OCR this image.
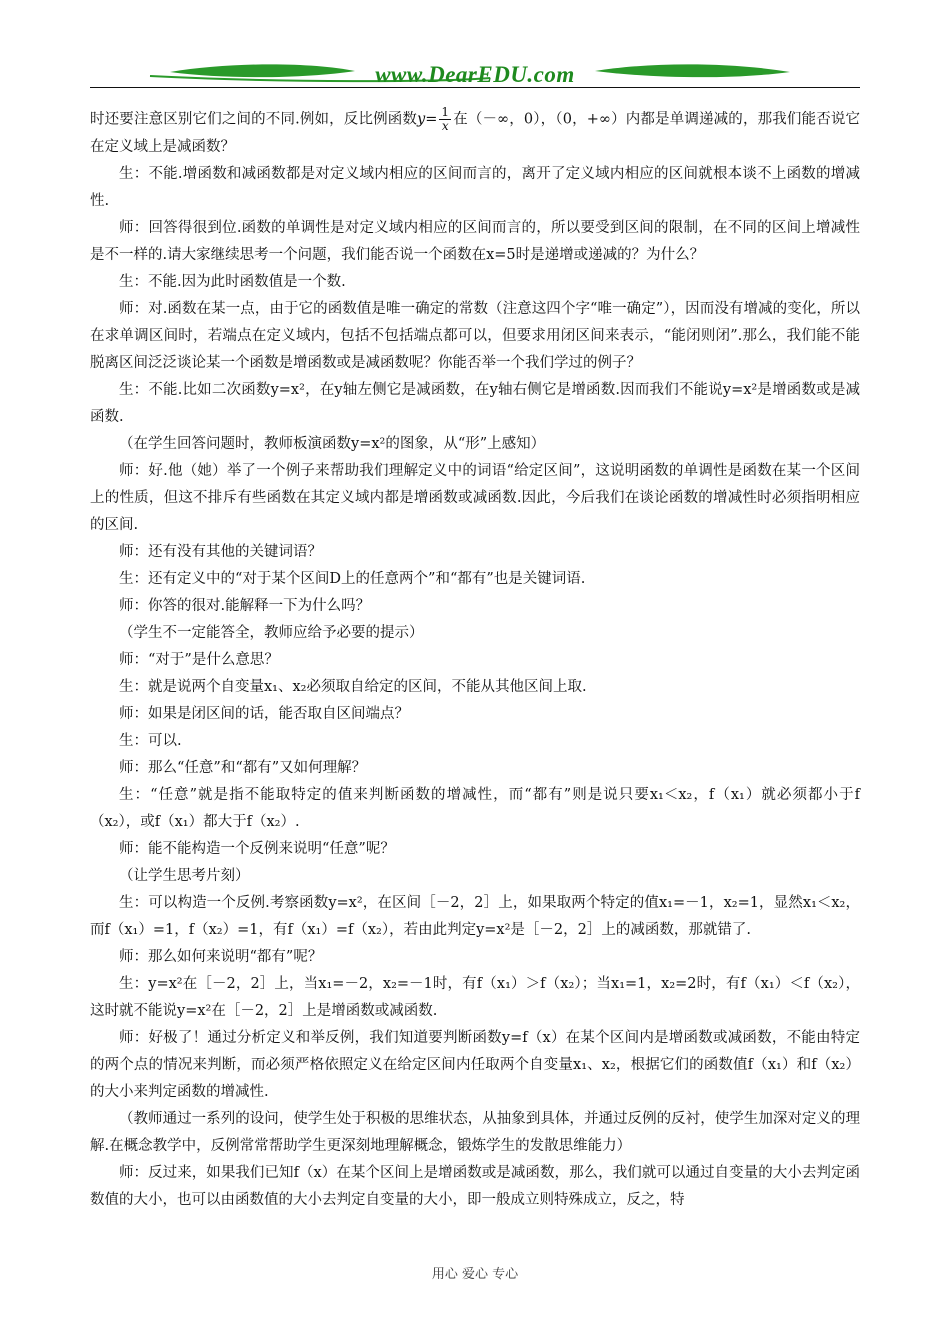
www.DearEDU.com

时还要注意区别它们之间的不同.例如，反比例函数$y= \frac{1}{x}$ 在（－∞，0），（0，+∞）内都是单调递减的，那我们能否说它在定义域上是减函数？

生：不能.增函数和减函数都是对定义域内相应的区间而言的，离开了定义域内相应的区间就根本谈不上函数的增减性.

师：回答得很到位.函数的单调性是对定义域内相应的区间而言的，所以要受到区间的限制，在不同的区间上增减性是不一样的.请大家继续思考一个问题，我们能否说一个函数在x=5时是递增或递减的？为什么？

生：不能.因为此时函数值是一个数.

师：对.函数在某一点，由于它的函数值是唯一确定的常数（注意这四个字“唯一确定”），因而没有增减的变化，所以在求单调区间时，若端点在定义域内，包括不包括端点都可以，但要求用闭区间来表示，“能闭则闭”.那么，我们能不能脱离区间泛泛谈论某一个函数是增函数或是减函数呢？你能否举一个我们学过的例子？

生：不能.比如二次函数y=x²，在y轴左侧它是减函数，在y轴右侧它是增函数.因而我们不能说y=x²是增函数或是减函数.

（在学生回答问题时，教师板演函数y=x²的图象，从“形”上感知）

师：好.他（她）举了一个例子来帮助我们理解定义中的词语“给定区间”，这说明函数的单调性是函数在某一个区间上的性质，但这不排斥有些函数在其定义域内都是增函数或减函数.因此，今后我们在谈论函数的增减性时必须指明相应的区间.

师：还有没有其他的关键词语？

生：还有定义中的“对于某个区间D上的任意两个”和“都有”也是关键词语.

师：你答的很对.能解释一下为什么吗？

（学生不一定能答全，教师应给予必要的提示）

师：“对于”是什么意思？

生：就是说两个自变量x₁、x₂必须取自给定的区间，不能从其他区间上取.

师：如果是闭区间的话，能否取自区间端点？

生：可以.

师：那么“任意”和“都有”又如何理解？

生：“任意”就是指不能取特定的值来判断函数的增减性，而“都有”则是说只要x₁＜x₂，f（x₁）就必须都小于f（x₂），或f（x₁）都大于f（x₂）.

师：能不能构造一个反例来说明“任意”呢？

（让学生思考片刻）

生：可以构造一个反例.考察函数y=x²，在区间［－2，2］上，如果取两个特定的值x₁=－1，x₂=1，显然x₁＜x₂，而f（x₁）=1，f（x₂）=1，有f（x₁）=f（x₂），若由此判定y=x²是［－2，2］上的减函数，那就错了.

师：那么如何来说明“都有”呢？

生：y=x²在［－2，2］上，当x₁=－2，x₂=－1时，有f（x₁）＞f（x₂）；当x₁=1，x₂=2时，有f（x₁）＜f（x₂），这时就不能说y=x²在［－2，2］上是增函数或减函数.

师：好极了！通过分析定义和举反例，我们知道要判断函数y=f（x）在某个区间内是增函数或减函数，不能由特定的两个点的情况来判断，而必须严格依照定义在给定区间内任取两个自变量x₁、x₂，根据它们的函数值f（x₁）和f（x₂）的大小来判定函数的增减性.

（教师通过一系列的设问，使学生处于积极的思维状态，从抽象到具体，并通过反例的反衬，使学生加深对定义的理解.在概念教学中，反例常常帮助学生更深刻地理解概念，锻炼学生的发散思维能力）

师：反过来，如果我们已知f（x）在某个区间上是增函数或是减函数，那么，我们就可以通过自变量的大小去判定函数值的大小，也可以由函数值的大小去判定自变量的大小，即一般成立则特殊成立，反之，特

用心 爱心 专心
